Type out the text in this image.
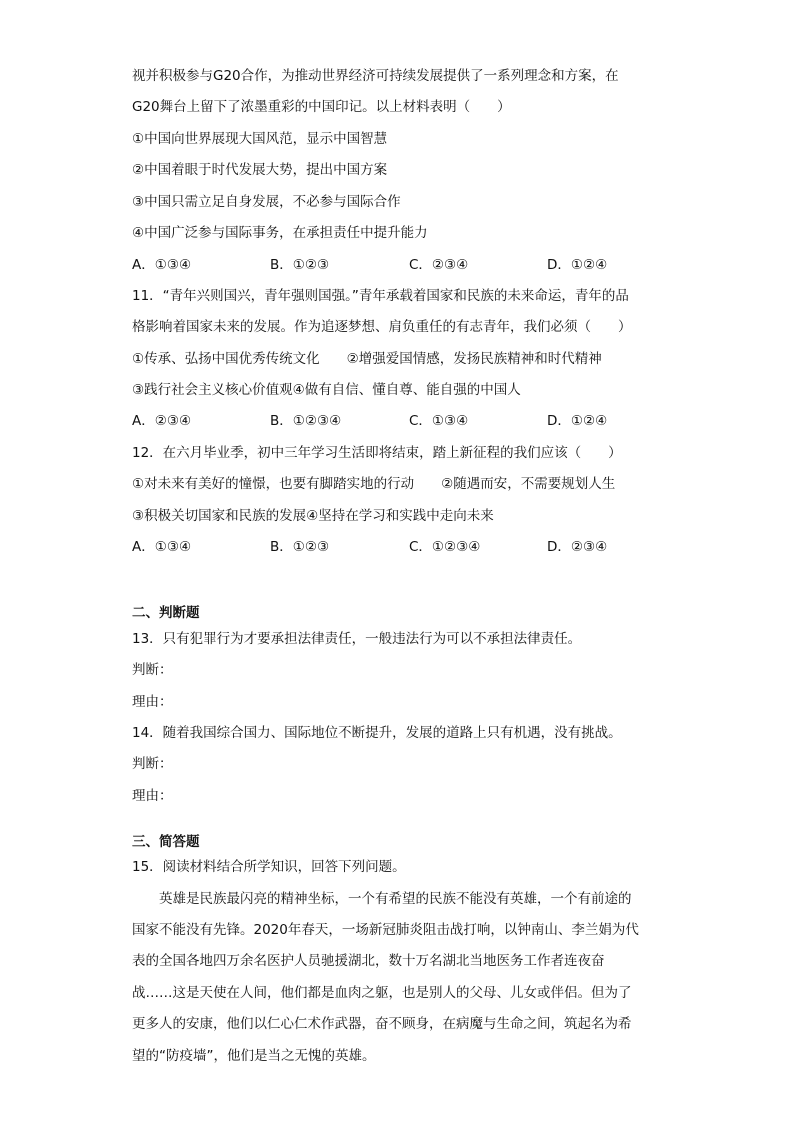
视并积极参与G20合作，为推动世界经济可持续发展提供了一系列理念和方案，在
G20舞台上留下了浓墨重彩的中国印记。以上材料表明（　　）
①中国向世界展现大国风范，显示中国智慧
②中国着眼于时代发展大势，提出中国方案
③中国只需立足自身发展，不必参与国际合作
④中国广泛参与国际事务，在承担责任中提升能力
A．①③④	B．①②③	C．②③④	D．①②④
11．“青年兴则国兴，青年强则国强。”青年承载着国家和民族的未来命运，青年的品
格影响着国家未来的发展。作为追逐梦想、肩负重任的有志青年，我们必须（　　）
①传承、弘扬中国优秀传统文化　　②增强爱国情感，发扬民族精神和时代精神
③践行社会主义核心价值观④做有自信、懂自尊、能自强的中国人
A．②③④	B．①②③④	C．①③④	D．①②④
12．在六月毕业季，初中三年学习生活即将结束，踏上新征程的我们应该（　　）
①对未来有美好的憧憬，也要有脚踏实地的行动　　②随遇而安，不需要规划人生
③积极关切国家和民族的发展④坚持在学习和实践中走向未来
A．①③④	B．①②③	C．①②③④	D．②③④
二、判断题
13．只有犯罪行为才要承担法律责任，一般违法行为可以不承担法律责任。
判断：
理由：
14．随着我国综合国力、国际地位不断提升，发展的道路上只有机遇，没有挑战。
判断：
理由：
三、简答题
15．阅读材料结合所学知识，回答下列问题。
　　英雄是民族最闪亮的精神坐标，一个有希望的民族不能没有英雄，一个有前途的
国家不能没有先锋。2020年春天，一场新冠肺炎阻击战打响，以钟南山、李兰娟为代
表的全国各地四万余名医护人员驰援湖北，数十万名湖北当地医务工作者连夜奋
战……这是天使在人间，他们都是血肉之躯，也是别人的父母、儿女或伴侣。但为了
更多人的安康，他们以仁心仁术作武器，奋不顾身，在病魔与生命之间，筑起名为希
望的“防疫墙”，他们是当之无愧的英雄。
